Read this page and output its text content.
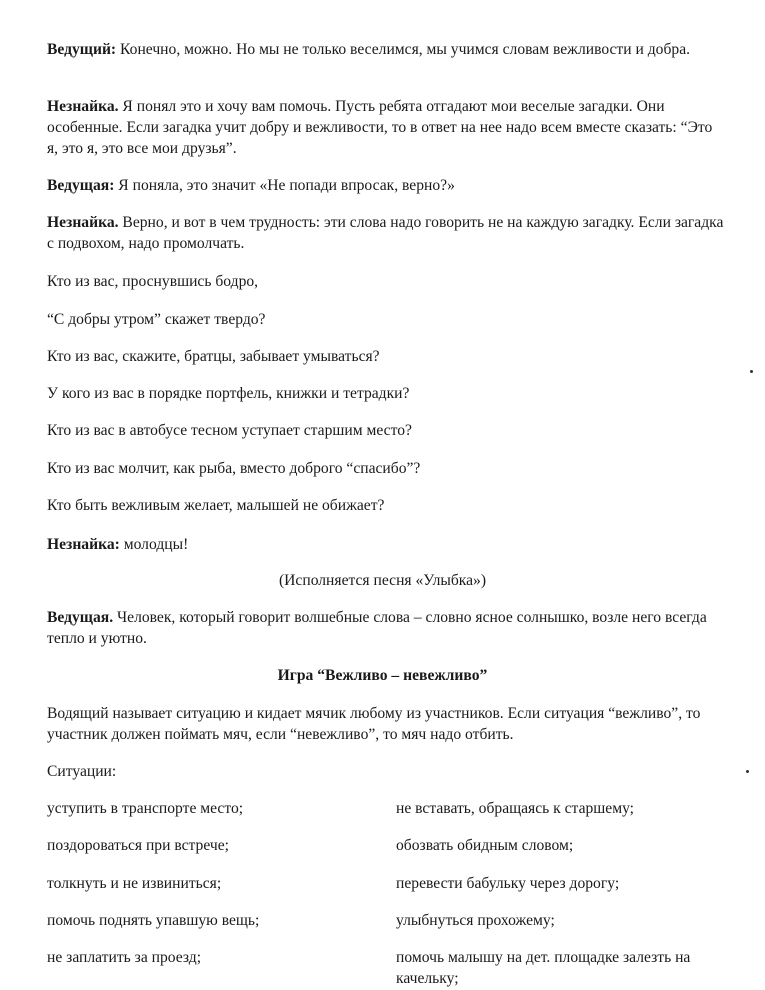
Ведущий: Конечно, можно. Но мы не только веселимся, мы учимся словам вежливости и добра.

Незнайка. Я понял это и хочу вам помочь. Пусть ребята отгадают мои веселые загадки. Они особенные. Если загадка учит добру и вежливости, то в ответ на нее надо всем вместе сказать: “Это я, это я, это все мои друзья”.

Ведущая: Я поняла, это значит «Не попади впросак, верно?»

Незнайка. Верно, и вот в чем трудность: эти слова надо говорить не на каждую загадку. Если загадка с подвохом, надо промолчать.

Кто из вас, проснувшись бодро,

“С добры утром” скажет твердо?

Кто из вас, скажите, братцы, забывает умываться?

У кого из вас в порядке портфель, книжки и тетрадки?

Кто из вас в автобусе тесном уступает старшим место?

Кто из вас молчит, как рыба, вместо доброго “спасибо”?

Кто быть вежливым желает, малышей не обижает?

Незнайка: молодцы!

(Исполняется песня «Улыбка»)

Ведущая. Человек, который говорит волшебные слова – словно ясное солнышко, возле него всегда тепло и уютно.

Игра “Вежливо – невежливо”

Водящий называет ситуацию и кидает мячик любому из участников. Если ситуация “вежливо”, то участник должен поймать мяч, если “невежливо”, то мяч надо отбить.

Ситуации:

уступить в транспорте место;

поздороваться при встрече;

толкнуть и не извиниться;

помочь поднять упавшую вещь;

не заплатить за проезд;

не вставать, обращаясь к старшему;

обозвать обидным словом;

перевести бабульку через дорогу;

улыбнуться прохожему;

помочь малышу на дет. площадке залезть на качельку;
